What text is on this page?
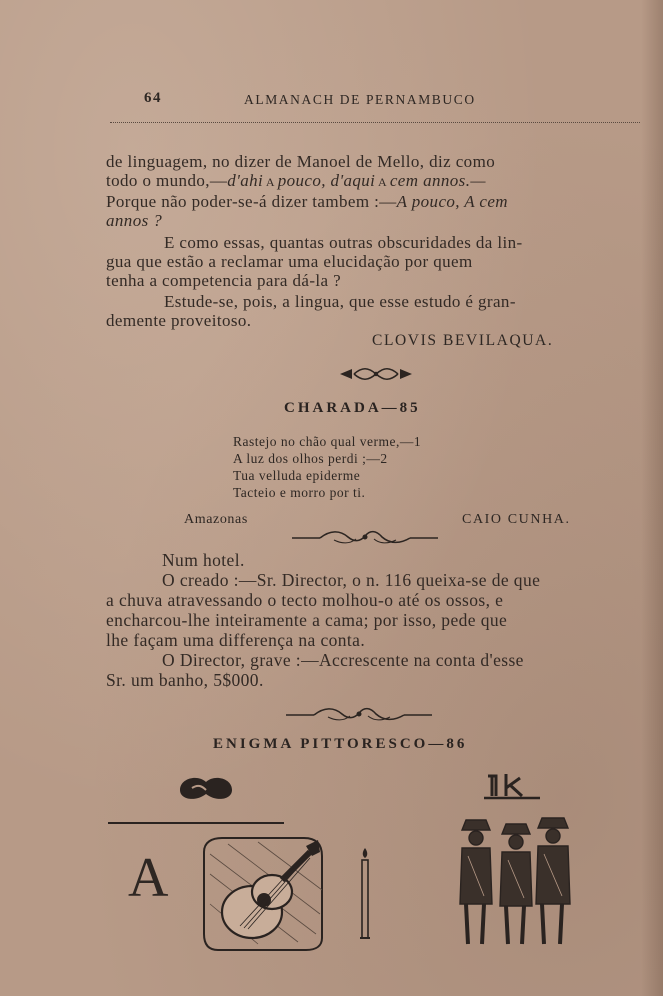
64	ALMANACH DE PERNAMBUCO
de linguagem, no dizer de Manoel de Mello, diz como
todo o mundo,—d'ahi A pouco, d'aqui A cem annos.—
Porque não poder-se-á dizer tambem :—A pouco, A cem
annos ?
E como essas, quantas outras obscuridades da lin-
gua que estão a reclamar uma elucidação por quem
tenha a competencia para dá-la ?
Estude-se, pois, a lingua, que esse estudo é gran-
demente proveitoso.
CLOVIS BEVILAQUA.
CHARADA—85
Rastejo no chão qual verme,—1
A luz dos olhos perdi ;—2
Tua velluda epiderme
Tacteio e morro por ti.
Amazonas	CAIO CUNHA.
Num hotel.
O creado :—Sr. Director, o n. 116 queixa-se de que
a chuva atravessando o tecto molhou-o até os ossos, e
encharcou-lhe inteiramente a cama; por isso, pede que
lhe façam uma differença na conta.
O Director, grave :—Accrescente na conta d'esse
Sr. um banho, 5$000.
ENIGMA PITTORESCO—86
A
